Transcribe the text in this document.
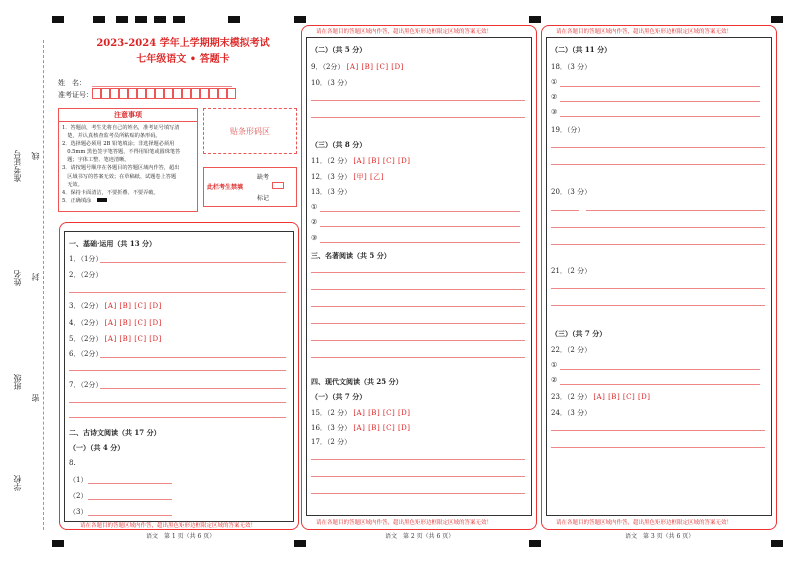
准考证号 线
姓名 封
班级
密
学校
2023-2024 学年上学期期末模拟考试
七年级语文 • 答题卡
姓　名：
准考证号：
注意事项
1．答题前，考生先将自己的姓名，准考证号填写清
　楚，并认真核查监考员所粘贴的条形码。
2．选择题必须用 2B 铅笔填涂；非选择题必须用
　0.5mm 黑色签字笔答题，不得用铅笔或圆珠笔答
　题；字体工整、笔迹清晰。
3．请按题号顺序在各题目的答题区域内作答，超出
　区域书写的答案无效；在草稿纸、试题卷上答题
　无效。
4．保持卡面清洁，不要折叠、不要弄破。
5．正确填涂
贴条形码区
此栏考生禁填
缺考
标记
一、基础·运用（共 13 分）
1．（1分）
2．（2分）
3．（2分） [A] [B] [C] [D]
4．（2分） [A] [B] [C] [D]
5．（2分） [A] [B] [C] [D]
6．（2分）
7．（2分）
二、古诗文阅读（共 17 分）
（一）（共 4 分）
8.
（1）
（2）
（3）
请在各题目的答题区域内作答，超出黑色矩形边框限定区域的答案无效！
语文　第 1 页（共 6 页）
请在各题目的答题区域内作答，超出黑色矩形边框限定区域的答案无效！
（二）（共 5 分）
9．（2分） [A] [B] [C] [D]
10．（3 分）
（三）（共 8 分）
11．（2 分） [A] [B] [C] [D]
12．（3 分） [甲] [乙]
13．（3 分）
①
②
③
三、名著阅读（共 5 分）
四、现代文阅读（共 25 分）
（一）（共 7 分）
15．（2 分） [A] [B] [C] [D]
16．（3 分） [A] [B] [C] [D]
17．（2 分）
请在各题目的答题区域内作答，超出黑色矩形边框限定区域的答案无效！
语文　第 2 页（共 6 页）
请在各题目的答题区域内作答，超出黑色矩形边框限定区域的答案无效！
（二）（共 11 分）
18．（3 分）
①
②
③
19．（分）
20．（3 分）
21．（2 分）
（三）（共 7 分）
22．（2 分）
①
②
23．（2 分） [A] [B] [C] [D]
24．（3 分）
请在各题目的答题区域内作答，超出黑色矩形边框限定区域的答案无效！
语文　第 3 页（共 6 页）
